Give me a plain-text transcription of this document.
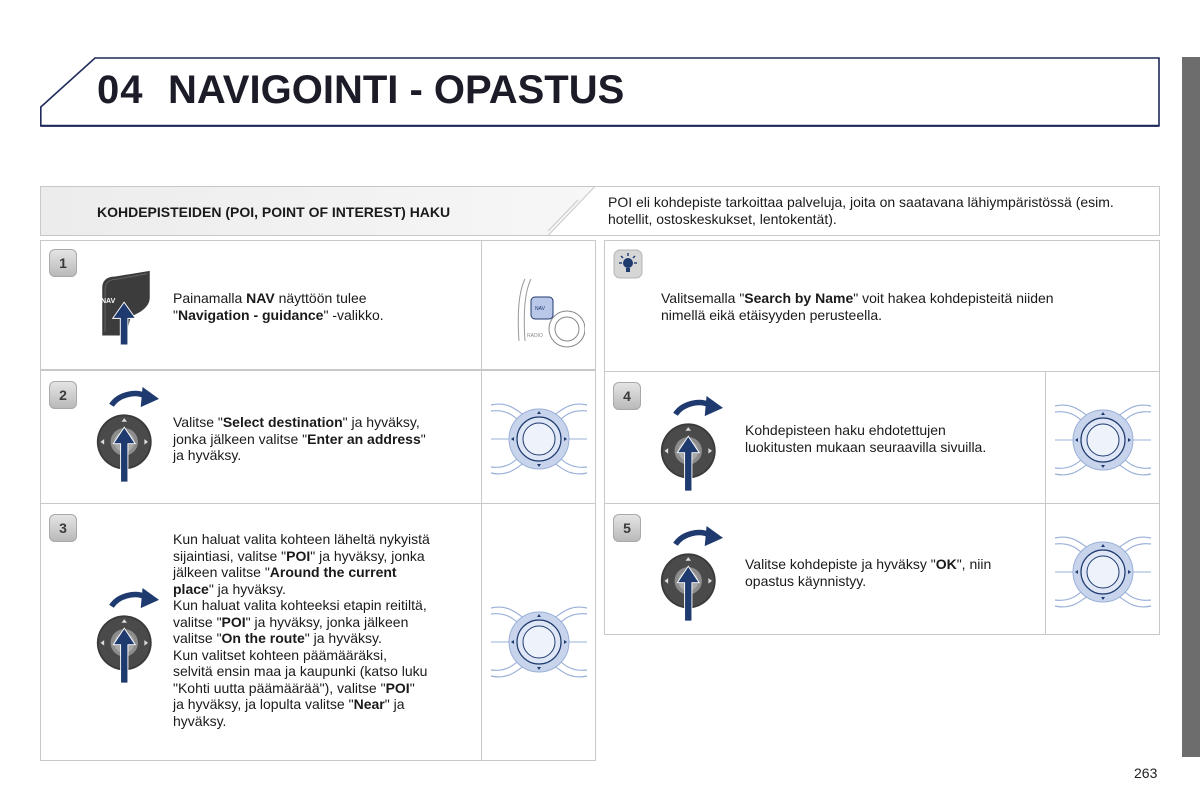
04 NAVIGOINTI - OPASTUS
KOHDEPISTEIDEN (POI, POINT OF INTEREST) HAKU
POI eli kohdepiste tarkoittaa palveluja, joita on saatavana lähiympäristössä (esim. hotellit, ostoskeskukset, lentokentät).
1
NAV	Painamalla NAV näyttöön tulee

"Navigation - guidance" -valikko.	NAV
RADIO
2

Valitse "Select destination" ja hyväksy,

jonka jälkeen valitse "Enter an address"

ja hyväksy.

3

Kun haluat valita kohteen läheltä nykyistä
sijaintiasi, valitse "POI" ja hyväksy, jonka
jälkeen valitse "Around the current
place" ja hyväksy.

Kun haluat valita kohteeksi etapin reitiltä,
valitse "POI" ja hyväksy, jonka jälkeen
valitse "On the route" ja hyväksy.

Kun valitset kohteen päämääräksi,
selvitä ensin maa ja kaupunki (katso luku
"Kohti uutta päämäärää"), valitse "POI"
ja hyväksy, ja lopulta valitse "Near" ja
hyväksy.

Valitsemalla "Search by Name" voit hakea kohdepisteitä niiden

nimellä eikä etäisyyden perusteella.

4

Kohdepisteen haku ehdotettujen

luokitusten mukaan seuraavilla sivuilla.

5

Valitse kohdepiste ja hyväksy "OK", niin

opastus käynnistyy.

263
